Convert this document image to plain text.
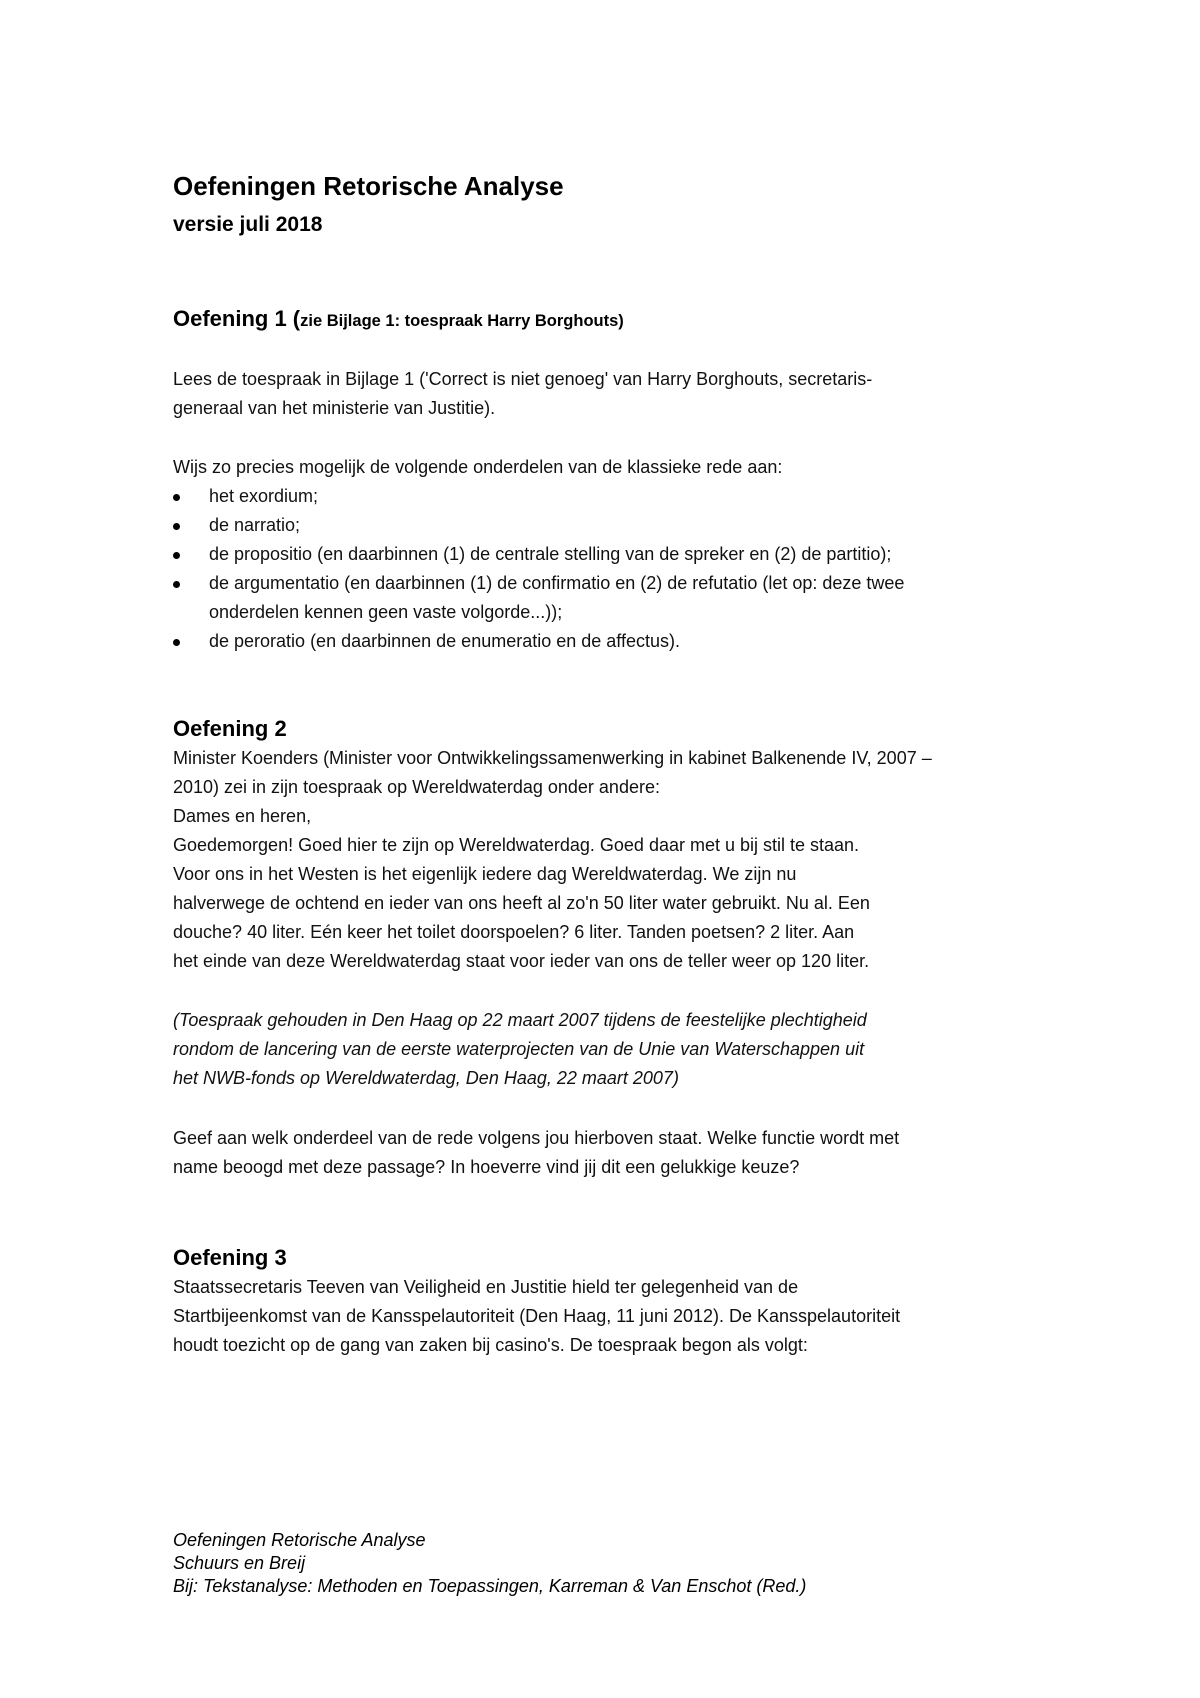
Oefeningen Retorische Analyse
versie juli 2018
Oefening 1 (zie Bijlage 1: toespraak Harry Borghouts)
Lees de toespraak in Bijlage 1 ('Correct is niet genoeg' van Harry Borghouts, secretaris-
generaal van het ministerie van Justitie).
Wijs zo precies mogelijk de volgende onderdelen van de klassieke rede aan:
het exordium;
de narratio;
de propositio (en daarbinnen (1) de centrale stelling van de spreker en (2) de partitio);
de argumentatio (en daarbinnen (1) de confirmatio en (2) de refutatio (let op: deze twee
onderdelen kennen geen vaste volgorde...));
de peroratio (en daarbinnen de enumeratio en de affectus).
Oefening 2
Minister Koenders (Minister voor Ontwikkelingssamenwerking in kabinet Balkenende IV, 2007 –
2010) zei in zijn toespraak op Wereldwaterdag onder andere:
Dames en heren,
Goedemorgen! Goed hier te zijn op Wereldwaterdag. Goed daar met u bij stil te staan.
Voor ons in het Westen is het eigenlijk iedere dag Wereldwaterdag. We zijn nu
halverwege de ochtend en ieder van ons heeft al zo'n 50 liter water gebruikt. Nu al. Een
douche? 40 liter. Eén keer het toilet doorspoelen? 6 liter. Tanden poetsen? 2 liter. Aan
het einde van deze Wereldwaterdag staat voor ieder van ons de teller weer op 120 liter.
(Toespraak gehouden in Den Haag op 22 maart 2007 tijdens de feestelijke plechtigheid
rondom de lancering van de eerste waterprojecten van de Unie van Waterschappen uit
het NWB-fonds op Wereldwaterdag, Den Haag, 22 maart 2007)
Geef aan welk onderdeel van de rede volgens jou hierboven staat. Welke functie wordt met
name beoogd met deze passage? In hoeverre vind jij dit een gelukkige keuze?
Oefening 3
Staatssecretaris Teeven van Veiligheid en Justitie hield ter gelegenheid van de
Startbijeenkomst van de Kansspelautoriteit (Den Haag, 11 juni 2012). De Kansspelautoriteit
houdt toezicht op de gang van zaken bij casino's. De toespraak begon als volgt:
Oefeningen Retorische Analyse
Schuurs en Breij
Bij: Tekstanalyse: Methoden en Toepassingen, Karreman & Van Enschot (Red.)
